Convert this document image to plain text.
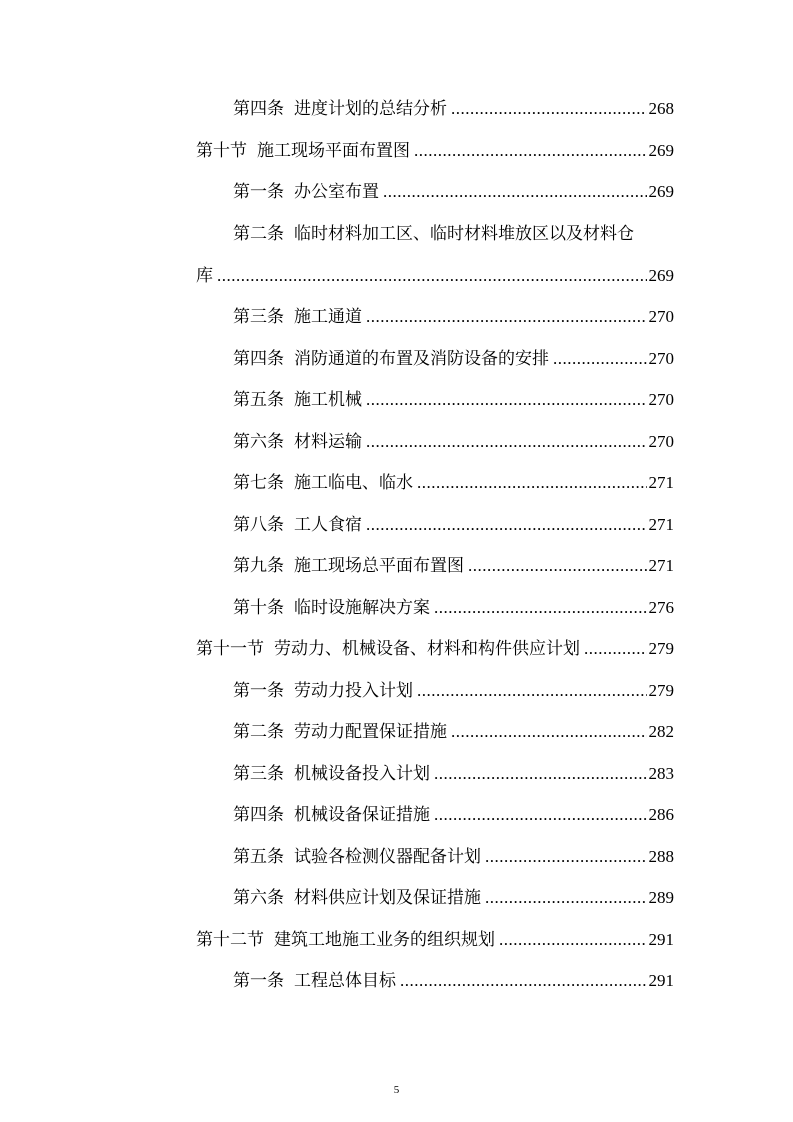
第四条 进度计划的总结分析 .....	268
第十节 施工现场平面布置图 .....	269
第一条 办公室布置 .....	269
第二条 临时材料加工区、临时材料堆放区以及材料仓
库 .....	269
第三条 施工通道 .....	270
第四条 消防通道的布置及消防设备的安排 .....	270
第五条 施工机械 .....	270
第六条 材料运输 .....	270
第七条 施工临电、临水 .....	271
第八条 工人食宿 .....	271
第九条 施工现场总平面布置图 .....	271
第十条 临时设施解决方案 .....	276
第十一节 劳动力、机械设备、材料和构件供应计划 .....	279
第一条 劳动力投入计划 .....	279
第二条 劳动力配置保证措施 .....	282
第三条 机械设备投入计划 .....	283
第四条 机械设备保证措施 .....	286
第五条 试验各检测仪器配备计划 .....	288
第六条 材料供应计划及保证措施 .....	289
第十二节 建筑工地施工业务的组织规划 .....	291
第一条 工程总体目标 .....	291
5
